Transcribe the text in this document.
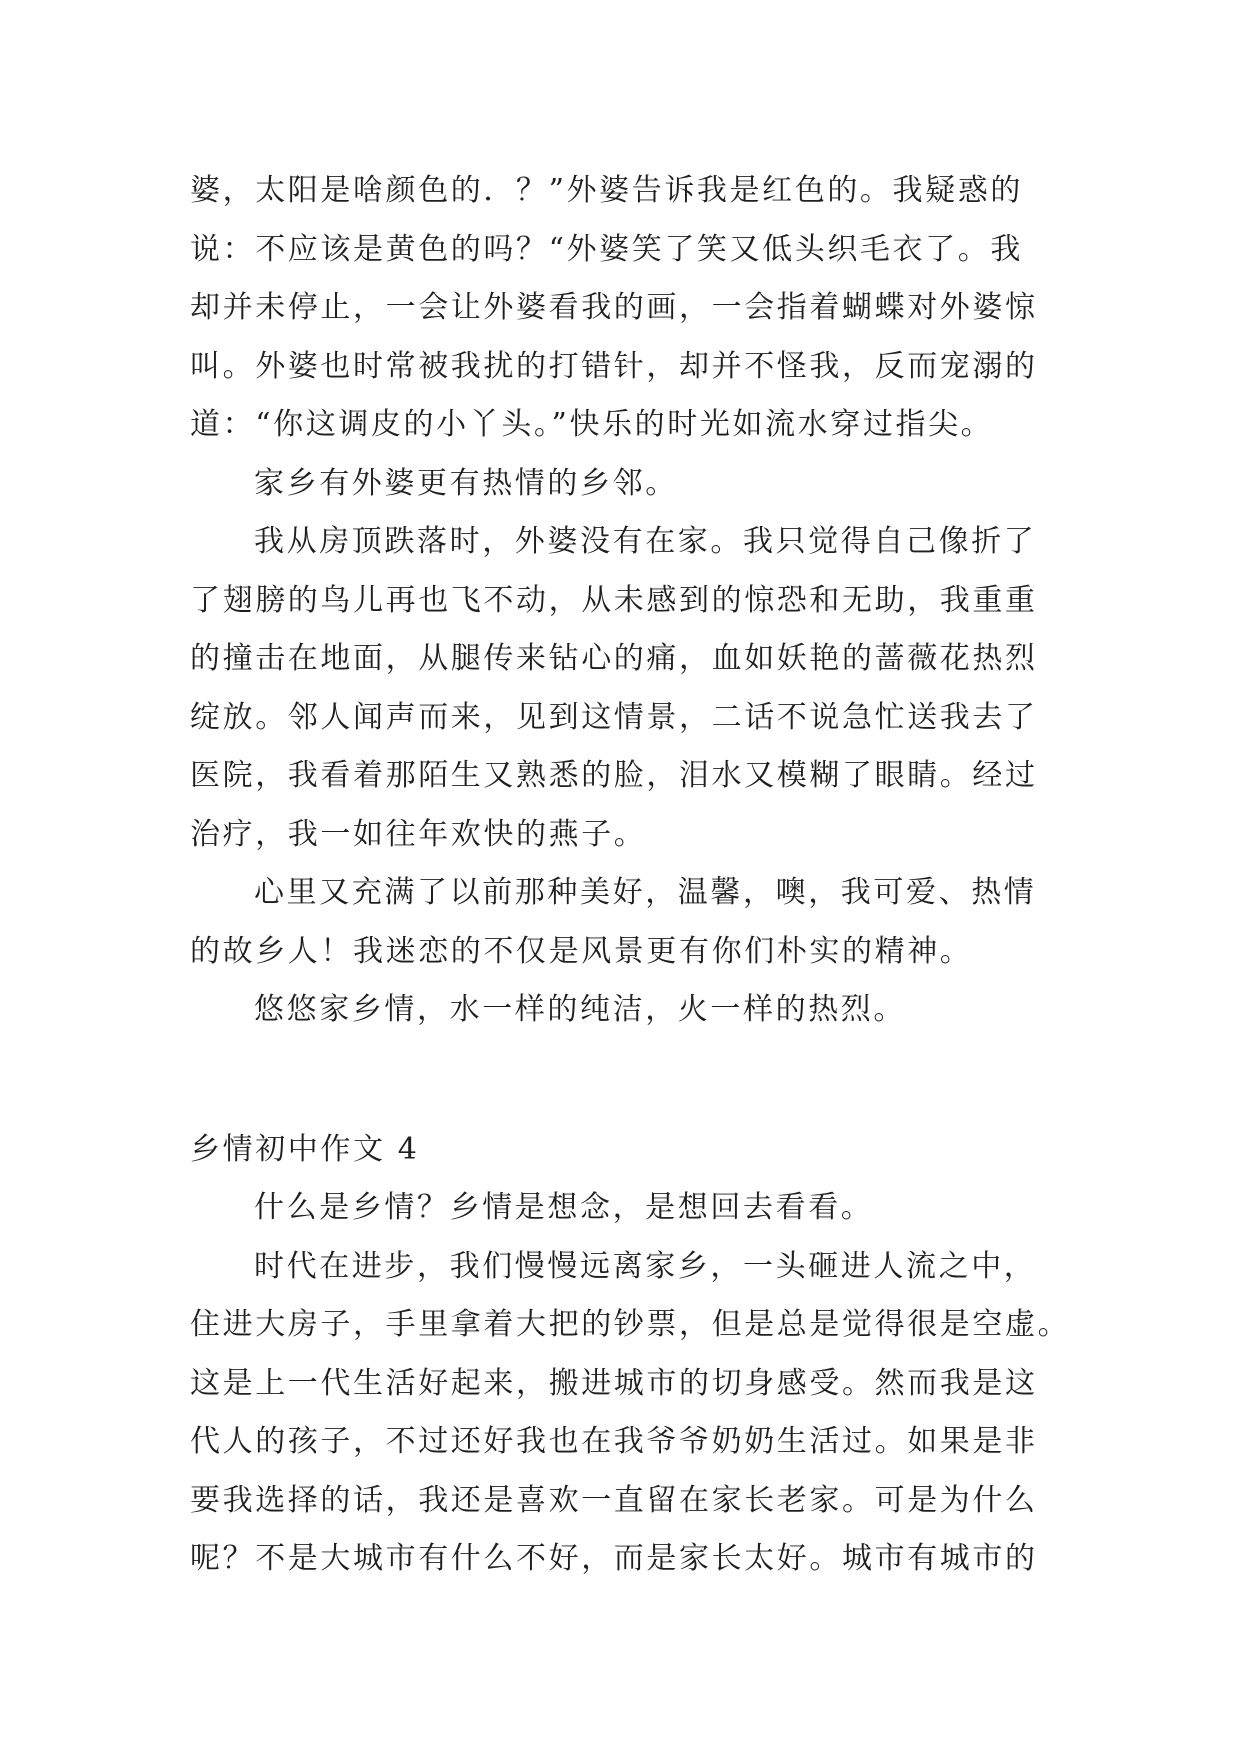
婆，太阳是啥颜色的．？”外婆告诉我是红色的。我疑惑的
说：不应该是黄色的吗？“外婆笑了笑又低头织毛衣了。我
却并未停止，一会让外婆看我的画，一会指着蝴蝶对外婆惊
叫。外婆也时常被我扰的打错针，却并不怪我，反而宠溺的
道：“你这调皮的小丫头。”快乐的时光如流水穿过指尖。
家乡有外婆更有热情的乡邻。
我从房顶跌落时，外婆没有在家。我只觉得自己像折了
了翅膀的鸟儿再也飞不动，从未感到的惊恐和无助，我重重
的撞击在地面，从腿传来钻心的痛，血如妖艳的蔷薇花热烈
绽放。邻人闻声而来，见到这情景，二话不说急忙送我去了
医院，我看着那陌生又熟悉的脸，泪水又模糊了眼睛。经过
治疗，我一如往年欢快的燕子。
心里又充满了以前那种美好，温馨，噢，我可爱、热情
的故乡人！我迷恋的不仅是风景更有你们朴实的精神。
悠悠家乡情，水一样的纯洁，火一样的热烈。
乡情初中作文 4
什么是乡情？乡情是想念，是想回去看看。
时代在进步，我们慢慢远离家乡，一头砸进人流之中，
住进大房子，手里拿着大把的钞票，但是总是觉得很是空虚。
这是上一代生活好起来，搬进城市的切身感受。然而我是这
代人的孩子，不过还好我也在我爷爷奶奶生活过。如果是非
要我选择的话，我还是喜欢一直留在家长老家。可是为什么
呢？不是大城市有什么不好，而是家长太好。城市有城市的
